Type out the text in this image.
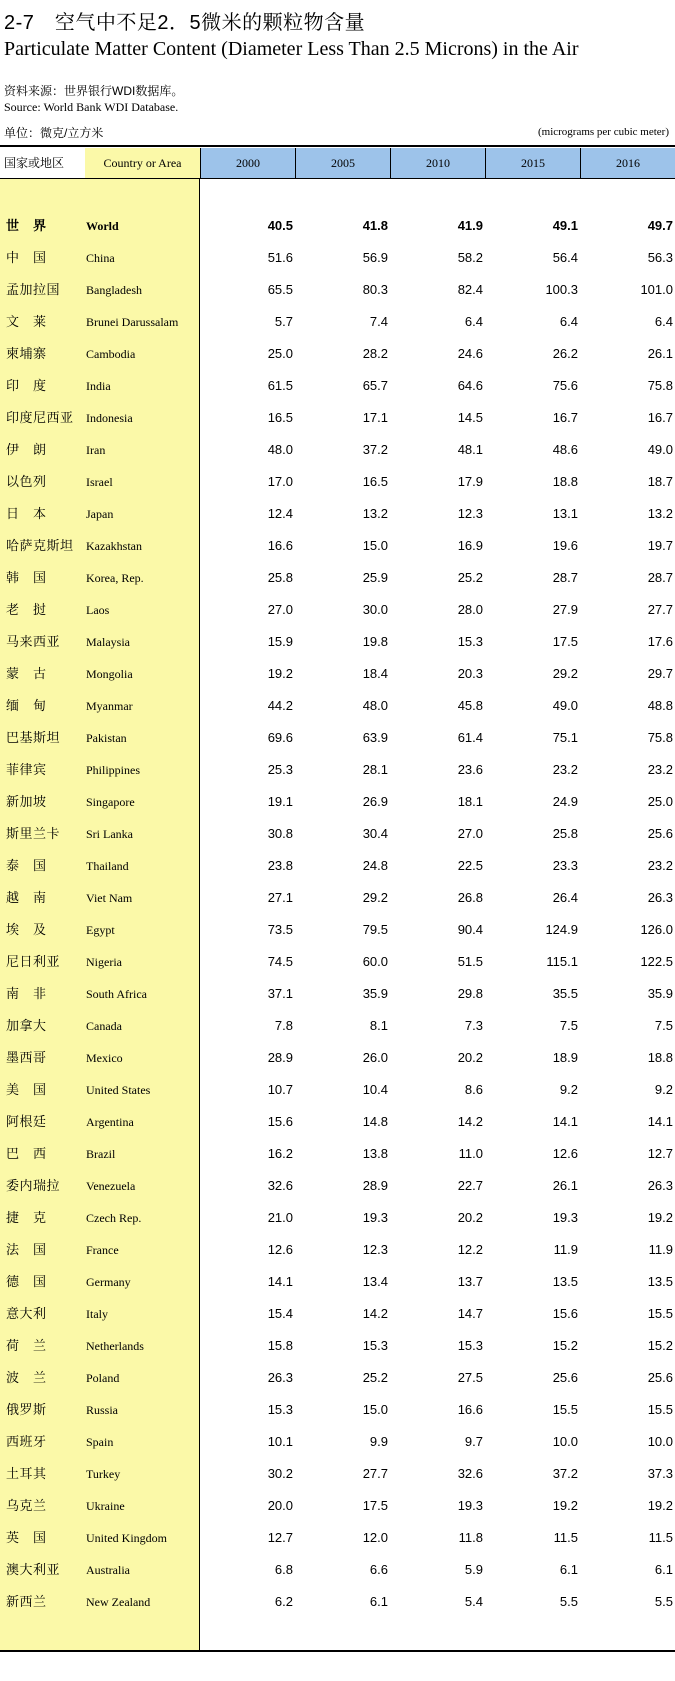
2-7　空气中不足2．5微米的颗粒物含量
Particulate Matter Content (Diameter Less Than 2.5 Microns) in the Air
资料来源：世界银行WDI数据库。
Source: World Bank WDI Database.
单位：微克/立方米	(micrograms per cubic meter)
国家或地区	Country or Area	2000	2005	2010	2015	2016
世　界	World	40.5	41.8	41.9	49.1	49.7
中　国	China	51.6	56.9	58.2	56.4	56.3
孟加拉国 Bangladesh	65.5	80.3	82.4	100.3	101.0
文　莱	Brunei Darussalam	5.7	7.4	6.4	6.4	6.4
柬埔寨	Cambodia	25.0	28.2	24.6	26.2	26.1
印　度	India	61.5	65.7	64.6	75.6	75.8
印度尼西亚 Indonesia	16.5	17.1	14.5	16.7	16.7
伊　朗	Iran	48.0	37.2	48.1	48.6	49.0
以色列	Israel	17.0	16.5	17.9	18.8	18.7
日　本	Japan	12.4	13.2	12.3	13.1	13.2
哈萨克斯坦 Kazakhstan	16.6	15.0	16.9	19.6	19.7
韩　国	Korea, Rep.	25.8	25.9	25.2	28.7	28.7
老　挝	Laos	27.0	30.0	28.0	27.9	27.7
马来西亚 Malaysia	15.9	19.8	15.3	17.5	17.6
蒙　古	Mongolia	19.2	18.4	20.3	29.2	29.7
缅　甸	Myanmar	44.2	48.0	45.8	49.0	48.8
巴基斯坦 Pakistan	69.6	63.9	61.4	75.1	75.8
菲律宾	Philippines	25.3	28.1	23.6	23.2	23.2
新加坡	Singapore	19.1	26.9	18.1	24.9	25.0
斯里兰卡 Sri Lanka	30.8	30.4	27.0	25.8	25.6
泰　国	Thailand	23.8	24.8	22.5	23.3	23.2
越　南	Viet Nam	27.1	29.2	26.8	26.4	26.3
埃　及	Egypt	73.5	79.5	90.4	124.9	126.0
尼日利亚 Nigeria	74.5	60.0	51.5	115.1	122.5
南　非	South Africa	37.1	35.9	29.8	35.5	35.9
加拿大	Canada	7.8	8.1	7.3	7.5	7.5
墨西哥	Mexico	28.9	26.0	20.2	18.9	18.8
美　国	United States	10.7	10.4	8.6	9.2	9.2
阿根廷	Argentina	15.6	14.8	14.2	14.1	14.1
巴　西	Brazil	16.2	13.8	11.0	12.6	12.7
委内瑞拉 Venezuela	32.6	28.9	22.7	26.1	26.3
捷　克	Czech Rep.	21.0	19.3	20.2	19.3	19.2
法　国	France	12.6	12.3	12.2	11.9	11.9
德　国	Germany	14.1	13.4	13.7	13.5	13.5
意大利	Italy	15.4	14.2	14.7	15.6	15.5
荷　兰	Netherlands	15.8	15.3	15.3	15.2	15.2
波　兰	Poland	26.3	25.2	27.5	25.6	25.6
俄罗斯	Russia	15.3	15.0	16.6	15.5	15.5
西班牙	Spain	10.1	9.9	9.7	10.0	10.0
土耳其	Turkey	30.2	27.7	32.6	37.2	37.3
乌克兰	Ukraine	20.0	17.5	19.3	19.2	19.2
英　国	United Kingdom	12.7	12.0	11.8	11.5	11.5
澳大利亚 Australia	6.8	6.6	5.9	6.1	6.1
新西兰	New Zealand	6.2	6.1	5.4	5.5	5.5
